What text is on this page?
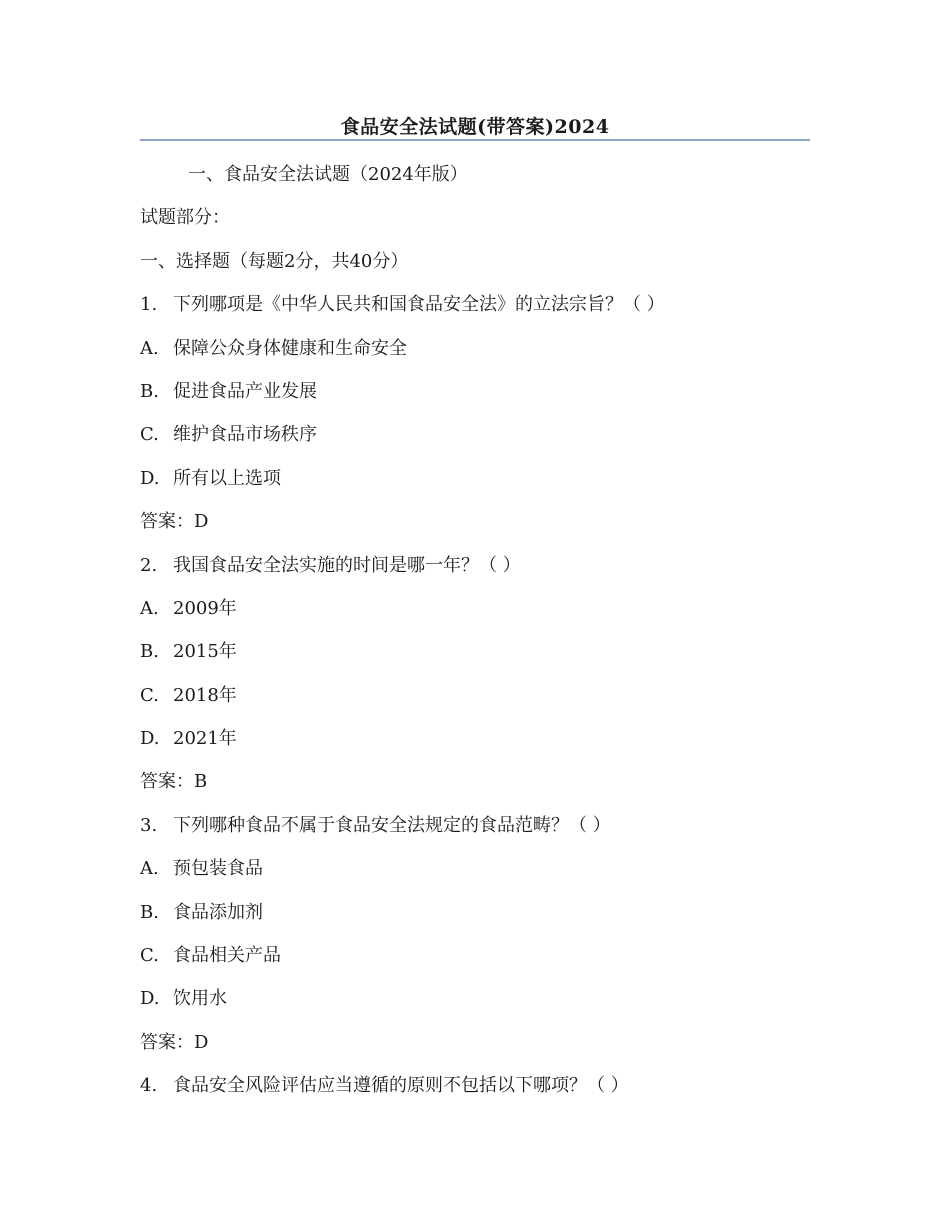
食品安全法试题(带答案)2024
一、食品安全法试题（2024年版）
试题部分：
一、选择题（每题2分，共40分）
1. 下列哪项是《中华人民共和国食品安全法》的立法宗旨？（ ）
A. 保障公众身体健康和生命安全
B. 促进食品产业发展
C. 维护食品市场秩序
D. 所有以上选项
答案：D
2. 我国食品安全法实施的时间是哪一年？（ ）
A. 2009年
B. 2015年
C. 2018年
D. 2021年
答案：B
3. 下列哪种食品不属于食品安全法规定的食品范畴？（ ）
A. 预包装食品
B. 食品添加剂
C. 食品相关产品
D. 饮用水
答案：D
4. 食品安全风险评估应当遵循的原则不包括以下哪项？（ ）
